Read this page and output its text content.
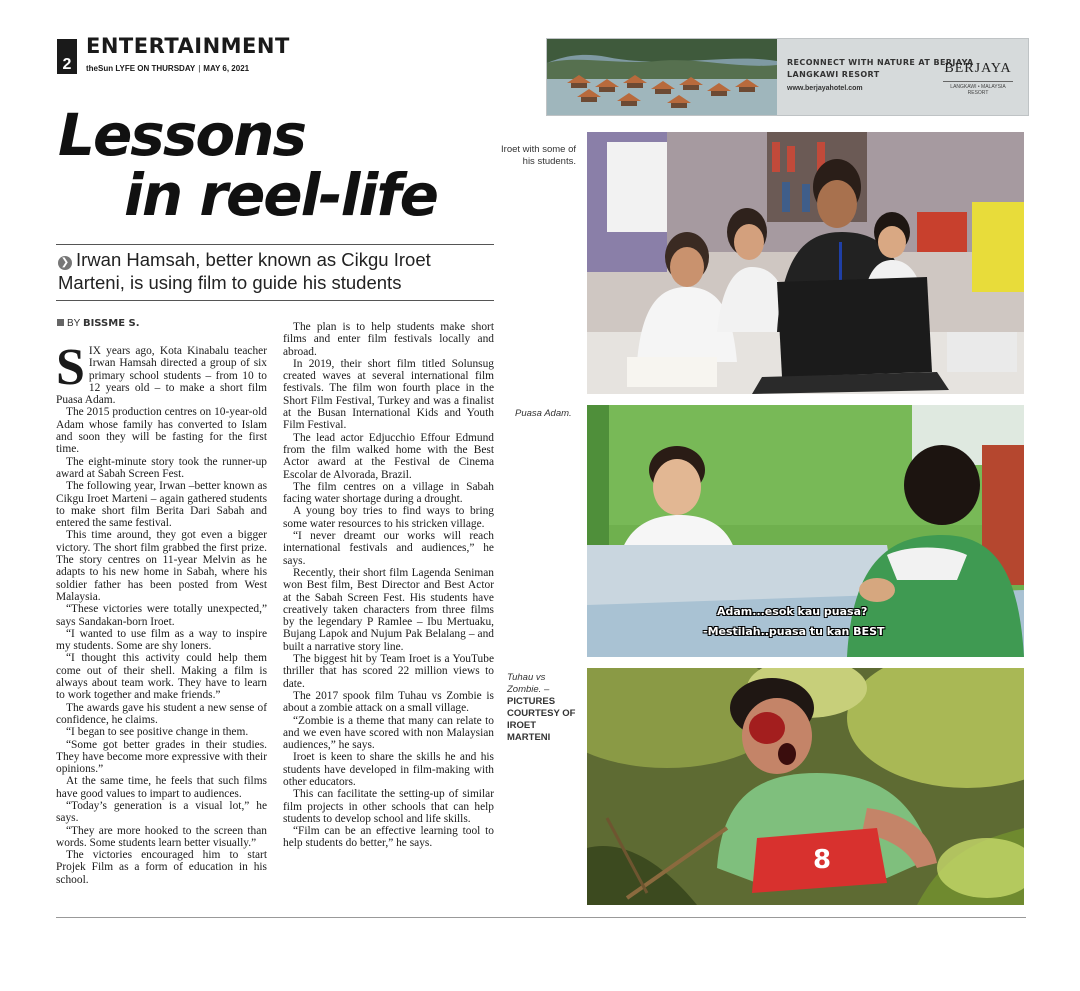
2
ENTERTAINMENT
theSun LYFE ON THURSDAY | MAY 6, 2021
RECONNECT WITH NATURE AT BERJAYA LANGKAWI RESORT
www.berjayahotel.com
BERJAYA
LANGKAWI • MALAYSIA RESORT
Lessons
in reel-life
❯ Irwan Hamsah, better known as Cikgu Iroet Marteni, is using film to guide his students
BY BISSME S.

SIX years ago, Kota Kinabalu teacher Irwan Hamsah directed a group of six primary school students – from 10 to 12 years old – to make a short film Puasa Adam.

The 2015 production centres on 10-year-old Adam whose family has converted to Islam and soon they will be fasting for the first time.

The eight-minute story took the runner-up award at Sabah Screen Fest.

The following year, Irwan –better known as Cikgu Iroet Marteni – again gathered students to make short film Berita Dari Sabah and entered the same festival.

This time around, they got even a bigger victory. The short film grabbed the first prize. The story centres on 11-year Melvin as he adapts to his new home in Sabah, where his soldier father has been posted from West Malaysia.

“These victories were totally unexpected,” says Sandakan-born Iroet.

“I wanted to use film as a way to inspire my students. Some are shy loners.

“I thought this activity could help them come out of their shell. Making a film is always about team work. They have to learn to work together and make friends.”

The awards gave his student a new sense of confidence, he claims.

“I began to see positive change in them.

“Some got better grades in their studies. They have become more expressive with their opinions.”

At the same time, he feels that such films have good values to impart to audiences.

“Today’s generation is a visual lot,” he says.

“They are more hooked to the screen than words. Some students learn better visually.”

The victories encouraged him to start Projek Film as a form of education in his school.

The plan is to help students make short films and enter film festivals locally and abroad.

In 2019, their short film titled Solunsug created waves at several international film festivals. The film won fourth place in the Short Film Festival, Turkey and was a finalist at the Busan International Kids and Youth Film Festival.

The lead actor Edjucchio Effour Edmund from the film walked home with the Best Actor award at the Festival de Cinema Escolar de Alvorada, Brazil.

The film centres on a village in Sabah facing water shortage during a drought.

A young boy tries to find ways to bring some water resources to his stricken village.

“I never dreamt our works will reach international festivals and audiences,” he says.

Recently, their short film Lagenda Seniman won Best film, Best Director and Best Actor at the Sabah Screen Fest. His students have creatively taken characters from three films by the legendary P Ramlee – Ibu Mertuaku, Bujang Lapok and Nujum Pak Belalang – and built a narrative story line.

The biggest hit by Team Iroet is a YouTube thriller that has scored 22 million views to date.

The 2017 spook film Tuhau vs Zombie is about a zombie attack on a small village.

“Zombie is a theme that many can relate to and we even have scored with non Malaysian audiences,” he says.

Iroet is keen to share the skills he and his students have developed in film-making with other educators.

This can facilitate the setting-up of similar film projects in other schools that can help students to develop school and life skills.

“Film can be an effective learning tool to help students do better,” he says.

Iroet with some of his students.
Puasa Adam.
Tuhau vs Zombie. –
PICTURES COURTESY OF IROET MARTENI
Adam...esok kau puasa?
-Mestilah..puasa tu kan BEST
8
